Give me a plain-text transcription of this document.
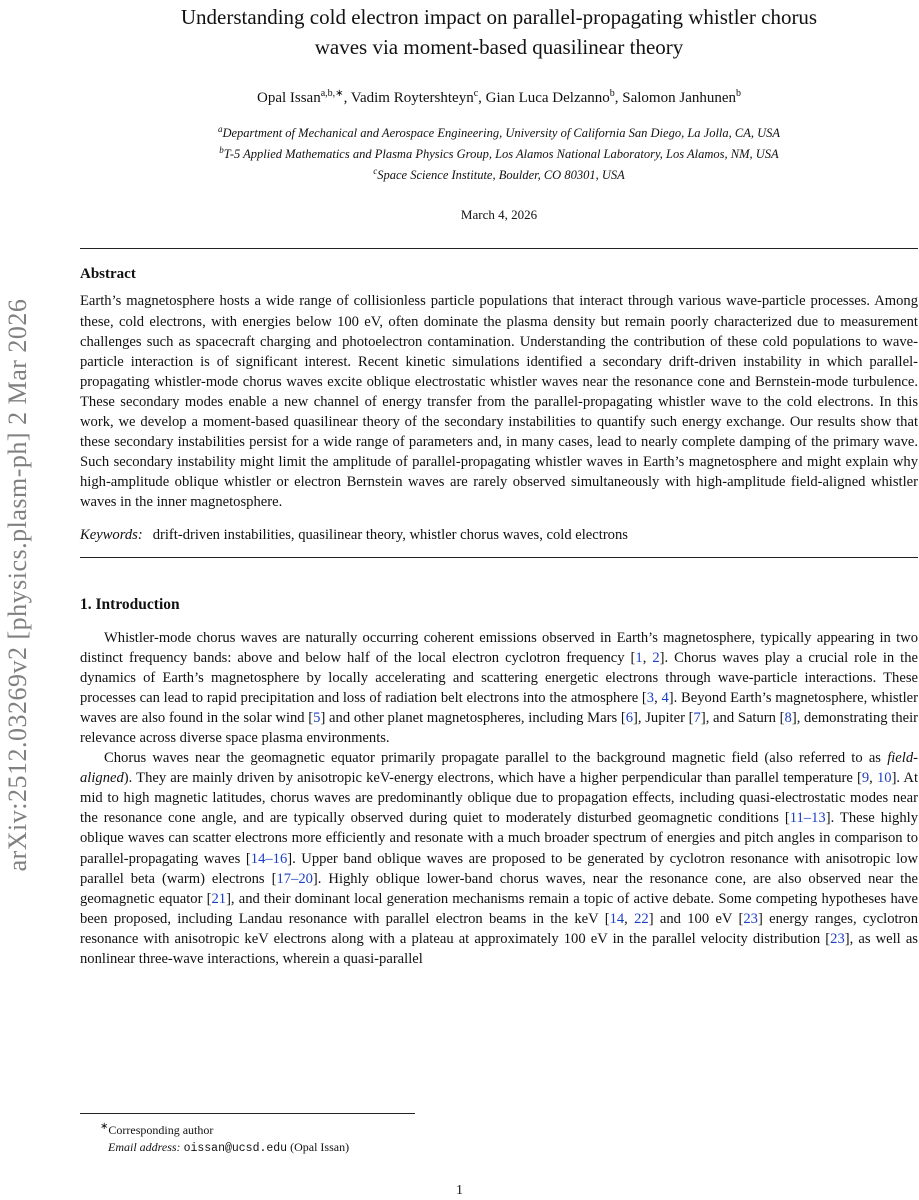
arXiv:2512.03269v2 [physics.plasm-ph] 2 Mar 2026
Understanding cold electron impact on parallel-propagating whistler chorus
waves via moment-based quasilinear theory
Opal Issan$^{a,b,∗}$, Vadim Roytershteyn$^c$, Gian Luca Delzanno$^b$, Salomon Janhunen$^b$
$^a$Department of Mechanical and Aerospace Engineering, University of California San Diego, La Jolla, CA, USA
$^b$T-5 Applied Mathematics and Plasma Physics Group, Los Alamos National Laboratory, Los Alamos, NM, USA
$^c$Space Science Institute, Boulder, CO 80301, USA
March 4, 2026
Abstract
Earth’s magnetosphere hosts a wide range of collisionless particle populations that interact through various wave-particle processes. Among these, cold electrons, with energies below 100 eV, often dominate the plasma density but remain poorly characterized due to measurement challenges such as spacecraft charging and photoelectron contamination. Understanding the contribution of these cold populations to wave-particle interaction is of significant interest. Recent kinetic simulations identified a secondary drift-driven instability in which parallel-propagating whistler-mode chorus waves excite oblique electrostatic whistler waves near the resonance cone and Bernstein-mode turbulence. These secondary modes enable a new channel of energy transfer from the parallel-propagating whistler wave to the cold electrons. In this work, we develop a moment-based quasilinear theory of the secondary instabilities to quantify such energy exchange. Our results show that these secondary instabilities persist for a wide range of parameters and, in many cases, lead to nearly complete damping of the primary wave. Such secondary instability might limit the amplitude of parallel-propagating whistler waves in Earth’s magnetosphere and might explain why high-amplitude oblique whistler or electron Bernstein waves are rarely observed simultaneously with high-amplitude field-aligned whistler waves in the inner magnetosphere.
Keywords: drift-driven instabilities, quasilinear theory, whistler chorus waves, cold electrons
1. Introduction
Whistler-mode chorus waves are naturally occurring coherent emissions observed in Earth’s magnetosphere, typically appearing in two distinct frequency bands: above and below half of the local electron cyclotron frequency [1, 2]. Chorus waves play a crucial role in the dynamics of Earth’s magnetosphere by locally accelerating and scattering energetic electrons through wave-particle interactions. These processes can lead to rapid precipitation and loss of radiation belt electrons into the atmosphere [3, 4]. Beyond Earth’s magnetosphere, whistler waves are also found in the solar wind [5] and other planet magnetospheres, including Mars [6], Jupiter [7], and Saturn [8], demonstrating their relevance across diverse space plasma environments.
Chorus waves near the geomagnetic equator primarily propagate parallel to the background magnetic field (also referred to as field-aligned). They are mainly driven by anisotropic keV-energy electrons, which have a higher perpendicular than parallel temperature [9, 10]. At mid to high magnetic latitudes, chorus waves are predominantly oblique due to propagation effects, including quasi-electrostatic modes near the resonance cone angle, and are typically observed during quiet to moderately disturbed geomagnetic conditions [11–13]. These highly oblique waves can scatter electrons more efficiently and resonate with a much broader spectrum of energies and pitch angles in comparison to parallel-propagating waves [14–16]. Upper band oblique waves are proposed to be generated by cyclotron resonance with anisotropic low parallel beta (warm) electrons [17–20]. Highly oblique lower-band chorus waves, near the resonance cone, are also observed near the geomagnetic equator [21], and their dominant local generation mechanisms remain a topic of active debate. Some competing hypotheses have been proposed, including Landau resonance with parallel electron beams in the keV [14, 22] and 100 eV [23] energy ranges, cyclotron resonance with anisotropic keV electrons along with a plateau at approximately 100 eV in the parallel velocity distribution [23], as well as nonlinear three-wave interactions, wherein a quasi-parallel
∗Corresponding author
Email address: oissan@ucsd.edu (Opal Issan)
1
